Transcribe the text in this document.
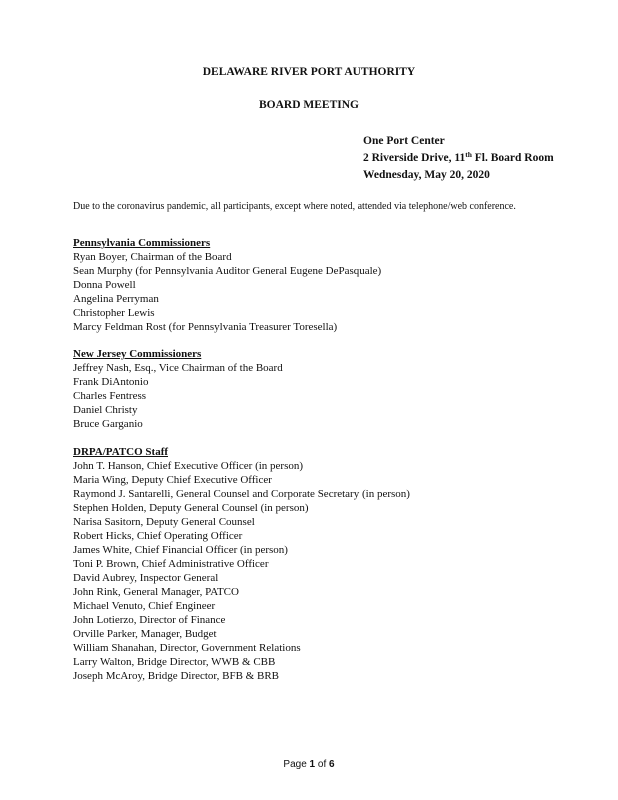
DELAWARE RIVER PORT AUTHORITY
BOARD MEETING
One Port Center
2 Riverside Drive, 11th Fl. Board Room
Wednesday, May 20, 2020
Due to the coronavirus pandemic, all participants, except where noted, attended via telephone/web conference.
Pennsylvania Commissioners
Ryan Boyer, Chairman of the Board
Sean Murphy (for Pennsylvania Auditor General Eugene DePasquale)
Donna Powell
Angelina Perryman
Christopher Lewis
Marcy Feldman Rost (for Pennsylvania Treasurer Toresella)
New Jersey Commissioners
Jeffrey Nash, Esq., Vice Chairman of the Board
Frank DiAntonio
Charles Fentress
Daniel Christy
Bruce Garganio
DRPA/PATCO Staff
John T. Hanson, Chief Executive Officer (in person)
Maria Wing, Deputy Chief Executive Officer
Raymond J. Santarelli, General Counsel and Corporate Secretary (in person)
Stephen Holden, Deputy General Counsel (in person)
Narisa Sasitorn, Deputy General Counsel
Robert Hicks, Chief Operating Officer
James White, Chief Financial Officer (in person)
Toni P. Brown, Chief Administrative Officer
David Aubrey, Inspector General
John Rink, General Manager, PATCO
Michael Venuto, Chief Engineer
John Lotierzo, Director of Finance
Orville Parker, Manager, Budget
William Shanahan, Director, Government Relations
Larry Walton, Bridge Director, WWB & CBB
Joseph McAroy, Bridge Director, BFB & BRB
Page 1 of 6
